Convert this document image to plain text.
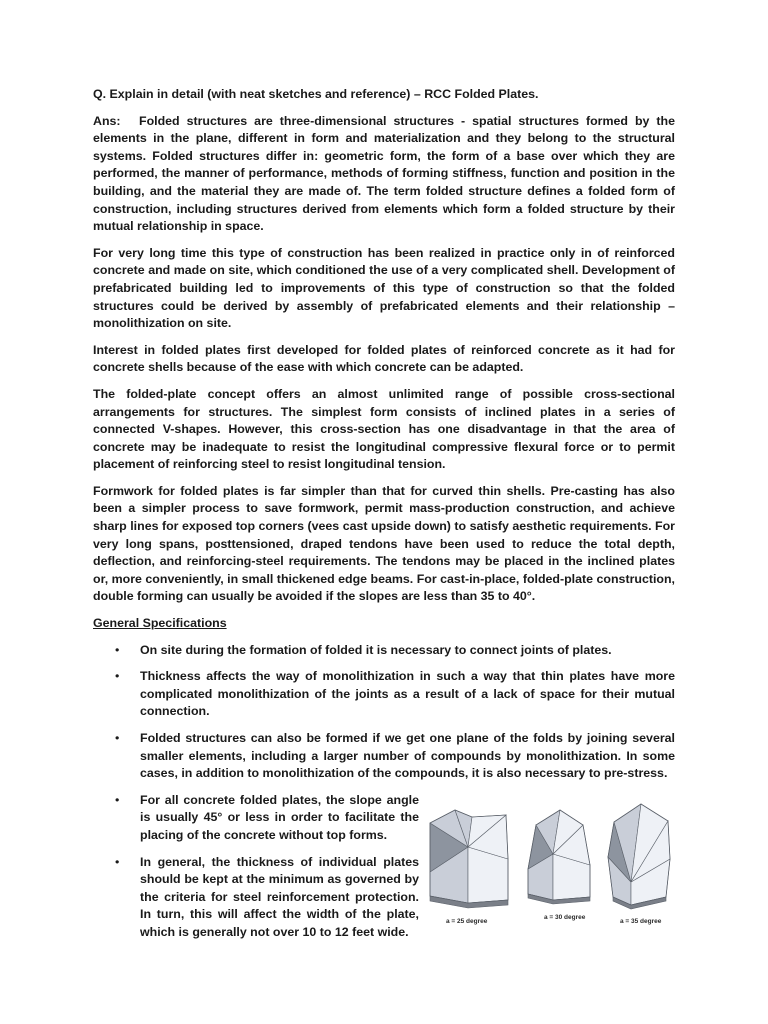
Q. Explain in detail (with neat sketches and reference) – RCC Folded Plates.

Ans: Folded structures are three-dimensional structures - spatial structures formed by the elements in the plane, different in form and materialization and they belong to the structural systems. Folded structures differ in: geometric form, the form of a base over which they are performed, the manner of performance, methods of forming stiffness, function and position in the building, and the material they are made of. The term folded structure defines a folded form of construction, including structures derived from elements which form a folded structure by their mutual relationship in space.

For very long time this type of construction has been realized in practice only in of reinforced concrete and made on site, which conditioned the use of a very complicated shell. Development of prefabricated building led to improvements of this type of construction so that the folded structures could be derived by assembly of prefabricated elements and their relationship – monolithization on site.

Interest in folded plates first developed for folded plates of reinforced concrete as it had for concrete shells because of the ease with which concrete can be adapted.

The folded-plate concept offers an almost unlimited range of possible cross-sectional arrangements for structures. The simplest form consists of inclined plates in a series of connected V-shapes. However, this cross-section has one disadvantage in that the area of concrete may be inadequate to resist the longitudinal compressive flexural force or to permit placement of reinforcing steel to resist longitudinal tension.

Formwork for folded plates is far simpler than that for curved thin shells. Pre-casting has also been a simpler process to save formwork, permit mass-production construction, and achieve sharp lines for exposed top corners (vees cast upside down) to satisfy aesthetic requirements. For very long spans, posttensioned, draped tendons have been used to reduce the total depth, deflection, and reinforcing-steel requirements. The tendons may be placed in the inclined plates or, more conveniently, in small thickened edge beams. For cast-in-place, folded-plate construction, double forming can usually be avoided if the slopes are less than 35 to 40°.

General Specifications

• On site during the formation of folded it is necessary to connect joints of plates.
• Thickness affects the way of monolithization in such a way that thin plates have more complicated monolithization of the joints as a result of a lack of space for their mutual connection.
• Folded structures can also be formed if we get one plane of the folds by joining several smaller elements, including a larger number of compounds by monolithization. In some cases, in addition to monolithization of the compounds, it is also necessary to pre-stress.
• For all concrete folded plates, the slope angle is usually 45° or less in order to facilitate the placing of the concrete without top forms.
• In general, the thickness of individual plates should be kept at the minimum as governed by the criteria for steel reinforcement protection. In turn, this will affect the width of the plate, which is generally not over 10 to 12 feet wide.
a = 25 degree
a = 30 degree
a = 35 degree
